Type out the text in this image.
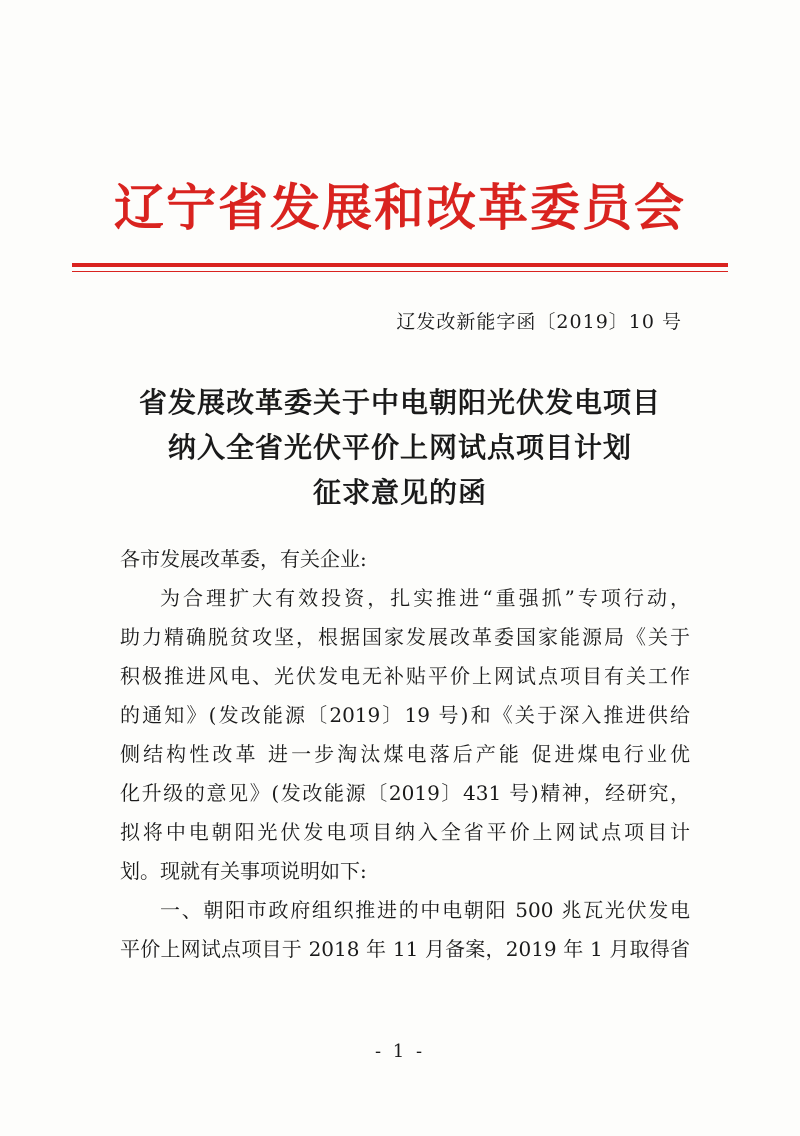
辽宁省发展和改革委员会
辽发改新能字函〔2019〕10 号
省发展改革委关于中电朝阳光伏发电项目
纳入全省光伏平价上网试点项目计划
征求意见的函
各市发展改革委，有关企业:
为合理扩大有效投资，扎实推进“重强抓”专项行动，
助力精确脱贫攻坚，根据国家发展改革委国家能源局《关于
积极推进风电、光伏发电无补贴平价上网试点项目有关工作
的通知》(发改能源〔2019〕19 号)和《关于深入推进供给
侧结构性改革 进一步淘汰煤电落后产能 促进煤电行业优
化升级的意见》(发改能源〔2019〕431 号)精神，经研究，
拟将中电朝阳光伏发电项目纳入全省平价上网试点项目计
划。现就有关事项说明如下:
一、朝阳市政府组织推进的中电朝阳 500 兆瓦光伏发电
平价上网试点项目于 2018 年 11 月备案，2019 年 1 月取得省
- 1 -
